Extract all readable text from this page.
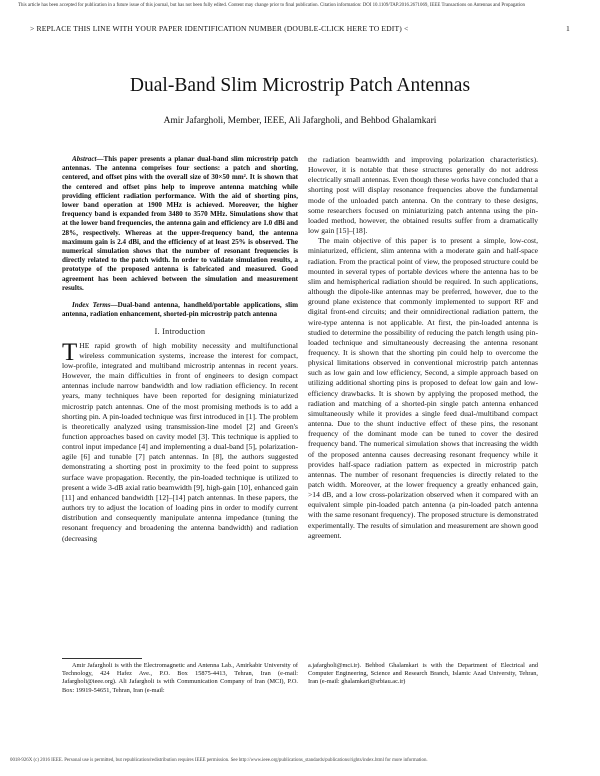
This article has been accepted for publication in a future issue of this journal, but has not been fully edited. Content may change prior to final publication. Citation information: DOI 10.1109/TAP.2016.2671069, IEEE Transactions on Antennas and Propagation
> REPLACE THIS LINE WITH YOUR PAPER IDENTIFICATION NUMBER (DOUBLE-CLICK HERE TO EDIT) <	1
Dual-Band Slim Microstrip Patch Antennas
Amir Jafargholi, Member, IEEE, Ali Jafargholi, and Behbod Ghalamkari

Abstract—This paper presents a planar dual-band slim microstrip patch antennas. The antenna comprises four sections: a patch and shorting, centered, and offset pins with the overall size of 30×50 mm². It is shown that the centered and offset pins help to improve antenna matching while providing efficient radiation performance. With the aid of shorting pins, lower band operation at 1900 MHz is achieved. Moreover, the higher frequency band is expanded from 3480 to 3570 MHz. Simulations show that at the lower band frequencies, the antenna gain and efficiency are 1.0 dBi and 28%, respectively. Whereas at the upper-frequency band, the antenna maximum gain is 2.4 dBi, and the efficiency of at least 25% is observed. The numerical simulation shows that the number of resonant frequencies is directly related to the patch width. In order to validate simulation results, a prototype of the proposed antenna is fabricated and measured. Good agreement has been achieved between the simulation and measurement results.

Index Terms—Dual-band antenna, handheld/portable applications, slim antenna, radiation enhancement, shorted-pin microstrip patch antenna

I. Introduction

THE rapid growth of high mobility necessity and multifunctional wireless communication systems, increase the interest for compact, low-profile, integrated and multiband microstrip antennas in recent years. However, the main difficulties in front of engineers to design compact antennas include narrow bandwidth and low radiation efficiency. In recent years, many techniques have been reported for designing miniaturized microstrip patch antennas. One of the most promising methods is to add a shorting pin. A pin-loaded technique was first introduced in [1]. The problem is theoretically analyzed using transmission-line model [2] and Green's function approaches based on cavity model [3]. This technique is applied to control input impedance [4] and implementing a dual-band [5], polarization-agile [6] and tunable [7] patch antennas. In [8], the authors suggested demonstrating a shorting post in proximity to the feed point to suppress surface wave propagation. Recently, the pin-loaded technique is utilized to present a wide 3-dB axial ratio beamwidth [9], high-gain [10], enhanced gain [11] and enhanced bandwidth [12]–[14] patch antennas. In these papers, the authors try to adjust the location of loading pins in order to modify current distribution and consequently manipulate antenna impedance (tuning the resonant frequency and broadening the antenna bandwidth) and radiation (decreasing

the radiation beamwidth and improving polarization characteristics). However, it is notable that these structures generally do not address electrically small antennas. Even though these works have concluded that a shorting post will display resonance frequencies above the fundamental mode of the unloaded patch antenna. On the contrary to these designs, some researchers focused on miniaturizing patch antenna using the pin-loaded method, however, the obtained results suffer from a dramatically low gain [15]–[18].

The main objective of this paper is to present a simple, low-cost, miniaturized, efficient, slim antenna with a moderate gain and half-space radiation. From the practical point of view, the proposed structure could be mounted in several types of portable devices where the antenna has to be slim and hemispherical radiation should be required. In such applications, although the dipole-like antennas may be preferred, however, due to the ground plane existence that commonly implemented to support RF and digital front-end circuits; and their omnidirectional radiation pattern, the wire-type antenna is not applicable. At first, the pin-loaded antenna is studied to determine the possibility of reducing the patch length using pin-loaded technique and simultaneously decreasing the antenna resonant frequency. It is shown that the shorting pin could help to overcome the physical limitations observed in conventional microstrip patch antennas such as low gain and low efficiency, Second, a simple approach based on utilizing additional shorting pins is proposed to defeat low gain and low-efficiency drawbacks. It is shown by applying the proposed method, the radiation and matching of a shorted-pin single patch antenna enhanced simultaneously while it provides a single feed dual-/multiband compact antenna. Due to the shunt inductive effect of these pins, the resonant frequency of the dominant mode can be tuned to cover the desired frequency band. The numerical simulation shows that increasing the width of the proposed antenna causes decreasing resonant frequency while it provides half-space radiation pattern as expected in microstrip patch antennas. The number of resonant frequencies is directly related to the patch width. Moreover, at the lower frequency a greatly enhanced gain, >14 dB, and a low cross-polarization observed when it compared with an equivalent simple pin-loaded patch antenna (a pin-loaded patch antenna with the same resonant frequency). The proposed structure is demonstrated experimentally. The results of simulation and measurement are shown good agreement.

Amir Jafargholi is with the Electromagnetic and Antenna Lab., Amirkabir University of Technology, 424 Hafez Ave., P.O. Box 15875-4413, Tehran, Iran (e-mail: Jafargholi@ieee.org). Ali Jafargholi is with Communication Company of Iran (MCI), P.O. Box: 19919-54651, Tehran, Iran (e-mail:
a.jafargholi@mci.ir). Behbod Ghalamkari is with the Department of Electrical and Computer Engineering, Science and Research Branch, Islamic Azad University, Tehran, Iran (e-mail: ghalamkari@srbiau.ac.ir)
0018-926X (c) 2016 IEEE. Personal use is permitted, but republication/redistribution requires IEEE permission. See http://www.ieee.org/publications_standards/publications/rights/index.html for more information.
